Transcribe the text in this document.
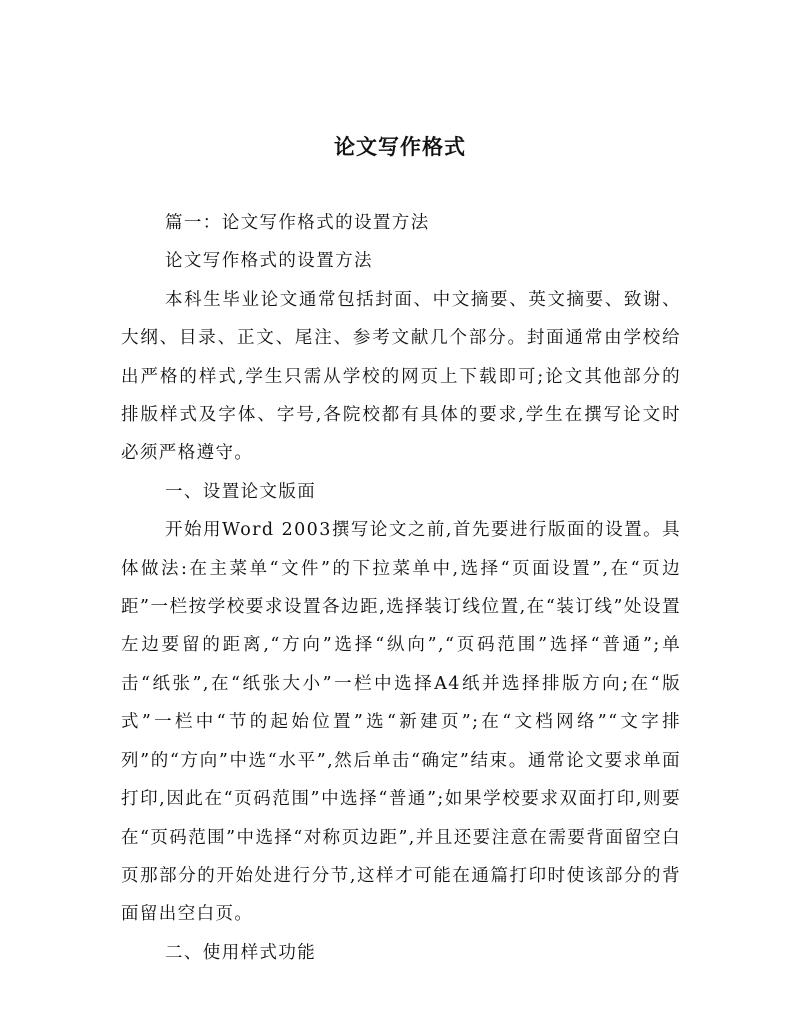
论文写作格式

篇一：论文写作格式的设置方法

论文写作格式的设置方法

本科生毕业论文通常包括封面、中文摘要、英文摘要、致谢、大纲、目录、正文、尾注、参考文献几个部分。封面通常由学校给出严格的样式,学生只需从学校的网页上下载即可;论文其他部分的排版样式及字体、字号,各院校都有具体的要求,学生在撰写论文时必须严格遵守。

一、设置论文版面

开始用Word 2003撰写论文之前,首先要进行版面的设置。具体做法:在主菜单“文件”的下拉菜单中,选择“页面设置”,在“页边距”一栏按学校要求设置各边距,选择装订线位置,在“装订线”处设置左边要留的距离,“方向”选择“纵向”,“页码范围”选择“普通”;单击“纸张”,在“纸张大小”一栏中选择A4纸并选择排版方向;在“版式”一栏中“节的起始位置”选“新建页”;在“文档网络”“文字排列”的“方向”中选“水平”,然后单击“确定”结束。通常论文要求单面打印,因此在“页码范围”中选择“普通”;如果学校要求双面打印,则要在“页码范围”中选择“对称页边距”,并且还要注意在需要背面留空白页那部分的开始处进行分节,这样才可能在通篇打印时使该部分的背面留出空白页。

二、使用样式功能
